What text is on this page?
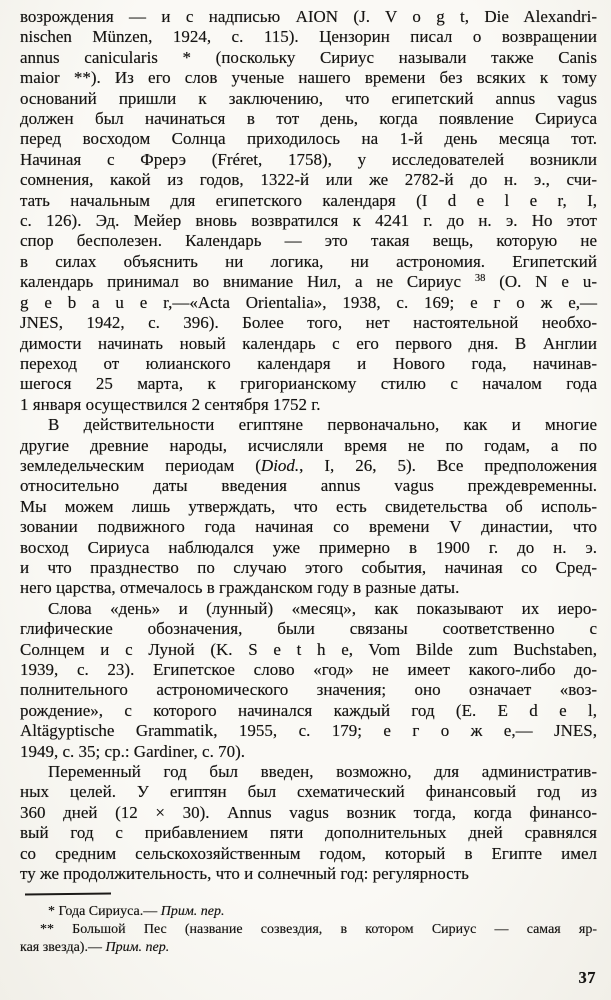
возрождения — и с надписью AION (J. V o g t, Die Alexandri-
nischen Münzen, 1924, с. 115). Цензорин писал о возвращении
annus canicularis * (поскольку Сириус называли также Canis
maior **). Из его слов ученые нашего времени без всяких к тому
оснований пришли к заключению, что египетский annus vagus
должен был начинаться в тот день, когда появление Сириуса
перед восходом Солнца приходилось на 1-й день месяца тот.
Начиная с Фрерэ (Fréret, 1758), у исследователей возникли
сомнения, какой из годов, 1322-й или же 2782-й до н. э., счи-
тать начальным для египетского календаря (I d e l e r, I,
с. 126). Эд. Мейер вновь возвратился к 4241 г. до н. э. Но этот
спор бесполезен. Календарь — это такая вещь, которую не
в силах объяснить ни логика, ни астрономия. Египетский
календарь принимал во внимание Нил, а не Сириус $^{38}$ (O. N e u-
g e b a u e r,—«Acta Orientalia», 1938, с. 169; е г о ж е,—
JNES, 1942, с. 396). Более того, нет настоятельной необхо-
димости начинать новый календарь с его первого дня. В Англии
переход от юлианского календаря и Нового года, начинав-
шегося 25 марта, к григорианскому стилю с началом года
1 января осуществился 2 сентября 1752 г.
В действительности египтяне первоначально, как и многие
другие древние народы, исчисляли время не по годам, а по
земледельческим периодам (Diod., I, 26, 5). Все предположения
относительно даты введения annus vagus преждевременны.
Мы можем лишь утверждать, что есть свидетельства об исполь-
зовании подвижного года начиная со времени V династии, что
восход Сириуса наблюдался уже примерно в 1900 г. до н. э.
и что празднество по случаю этого события, начиная со Сред-
него царства, отмечалось в гражданском году в разные даты.
Слова «день» и (лунный) «месяц», как показывают их иеро-
глифические обозначения, были связаны соответственно с
Солнцем и с Луной (K. S e t h e, Vom Bilde zum Buchstaben,
1939, с. 23). Египетское слово «год» не имеет какого-либо до-
полнительного астрономического значения; оно означает «воз-
рождение», с которого начинался каждый год (E. E d e l,
Altägyptische Grammatik, 1955, с. 179; е г о ж е,— JNES,
1949, с. 35; ср.: Gardiner, с. 70).
Переменный год был введен, возможно, для административ-
ных целей. У египтян был схематический финансовый год из
360 дней (12 × 30). Annus vagus возник тогда, когда финансо-
вый год с прибавлением пяти дополнительных дней сравнялся
со средним сельскохозяйственным годом, который в Египте имел
ту же продолжительность, что и солнечный год: регулярность
* Года Сириуса.— Прим. пер.
** Большой Пес (название созвездия, в котором Сириус — самая яр-
кая звезда).— Прим. пер.
37
